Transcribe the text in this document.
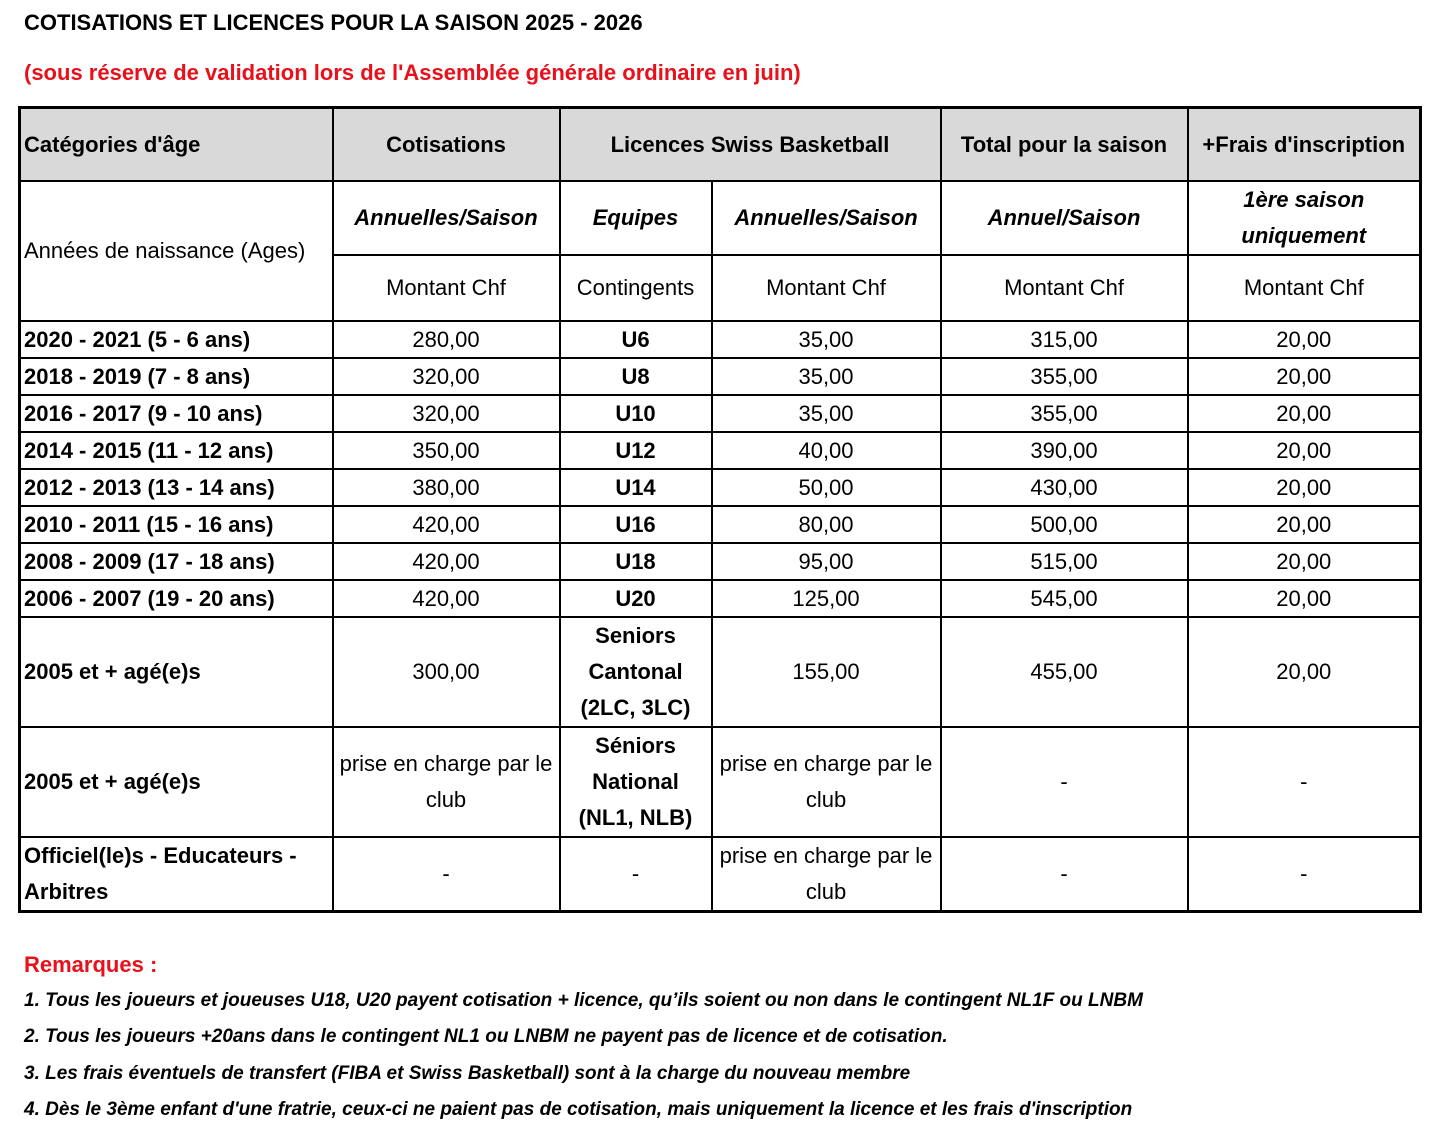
COTISATIONS ET LICENCES POUR LA SAISON 2025 - 2026
(sous réserve de validation lors de l'Assemblée générale ordinaire en juin)
Catégories d'âge	Cotisations	Licences Swiss Basketball		Total pour la saison	+Frais d'inscription
Années de naissance (Ages)	Annuelles/Saison	Equipes	Annuelles/Saison	Annuel/Saison	1ère saison uniquement
	Montant Chf	Contingents	Montant Chf	Montant Chf	Montant Chf
2020 - 2021 (5 - 6 ans)	280,00	U6	35,00	315,00	20,00
2018 - 2019 (7 - 8 ans)	320,00	U8	35,00	355,00	20,00
2016 - 2017 (9 - 10 ans)	320,00	U10	35,00	355,00	20,00
2014 - 2015 (11 - 12 ans)	350,00	U12	40,00	390,00	20,00
2012 - 2013 (13 - 14 ans)	380,00	U14	50,00	430,00	20,00
2010 - 2011 (15 - 16 ans)	420,00	U16	80,00	500,00	20,00
2008 - 2009 (17 - 18 ans)	420,00	U18	95,00	515,00	20,00
2006 - 2007 (19 - 20 ans)	420,00	U20	125,00	545,00	20,00
2005 et + agé(e)s	300,00	Seniors Cantonal (2LC, 3LC)	155,00	455,00	20,00
2005 et + agé(e)s	prise en charge par le club	Séniors National (NL1, NLB)	prise en charge par le club	-	-
Officiel(le)s - Educateurs - Arbitres	-	-	prise en charge par le club	-	-
Remarques :
1. Tous les joueurs et joueuses U18, U20 payent cotisation + licence, qu’ils soient ou non dans le contingent NL1F ou LNBM
2. Tous les joueurs +20ans dans le contingent NL1 ou LNBM ne payent pas de licence et de cotisation.
3. Les frais éventuels de transfert (FIBA et Swiss Basketball) sont à la charge du nouveau membre
4. Dès le 3ème enfant d'une fratrie, ceux-ci ne paient pas de cotisation, mais uniquement la licence et les frais d'inscription
